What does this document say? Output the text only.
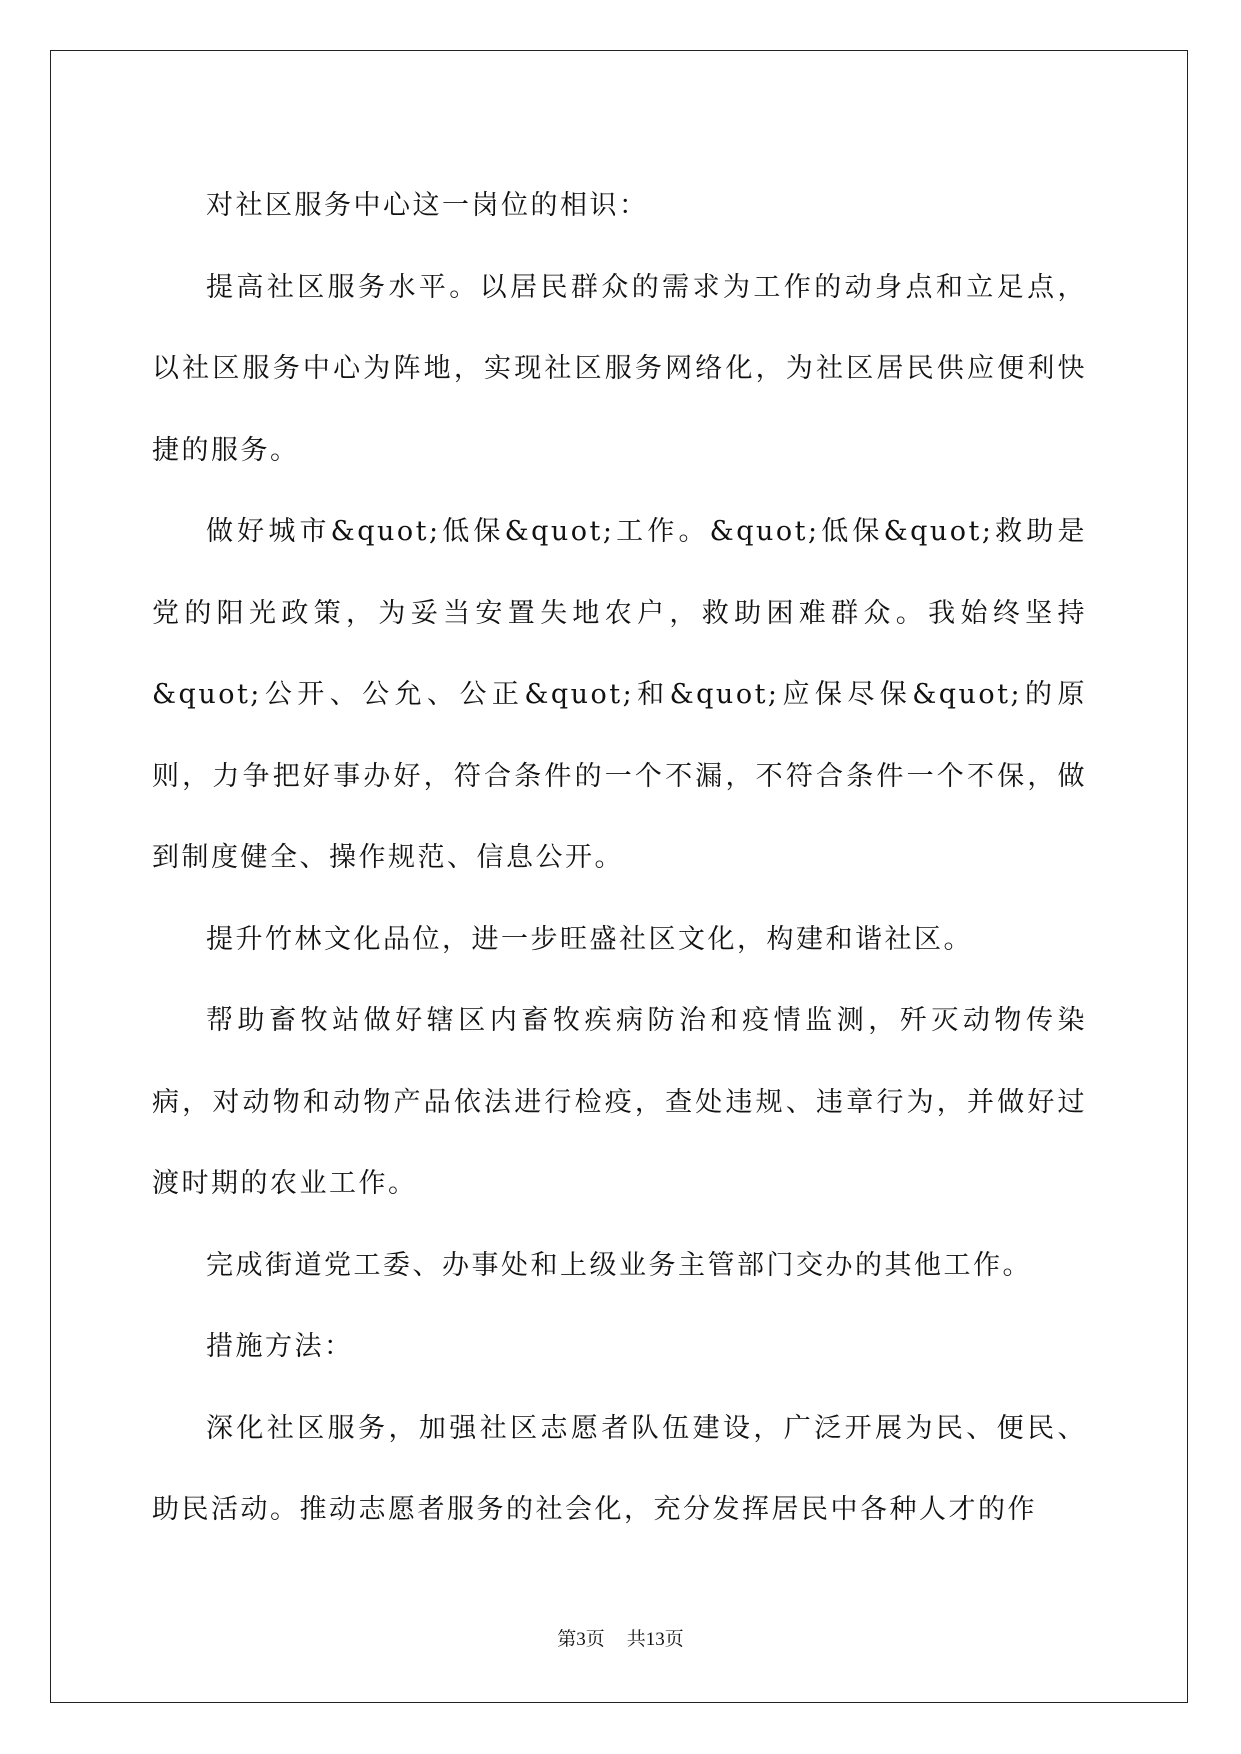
对社区服务中心这一岗位的相识：

提高社区服务水平。以居民群众的需求为工作的动身点和立足点，以社区服务中心为阵地，实现社区服务网络化，为社区居民供应便利快捷的服务。

做好城市&quot;低保&quot;工作。&quot;低保&quot;救助是党的阳光政策，为妥当安置失地农户，救助困难群众。我始终坚持&quot;公开、公允、公正&quot;和&quot;应保尽保&quot;的原则，力争把好事办好，符合条件的一个不漏，不符合条件一个不保，做到制度健全、操作规范、信息公开。

提升竹林文化品位，进一步旺盛社区文化，构建和谐社区。

帮助畜牧站做好辖区内畜牧疾病防治和疫情监测，歼灭动物传染病，对动物和动物产品依法进行检疫，查处违规、违章行为，并做好过渡时期的农业工作。

完成街道党工委、办事处和上级业务主管部门交办的其他工作。

措施方法：

深化社区服务，加强社区志愿者队伍建设，广泛开展为民、便民、助民活动。推动志愿者服务的社会化，充分发挥居民中各种人才的作

第3页 共13页
